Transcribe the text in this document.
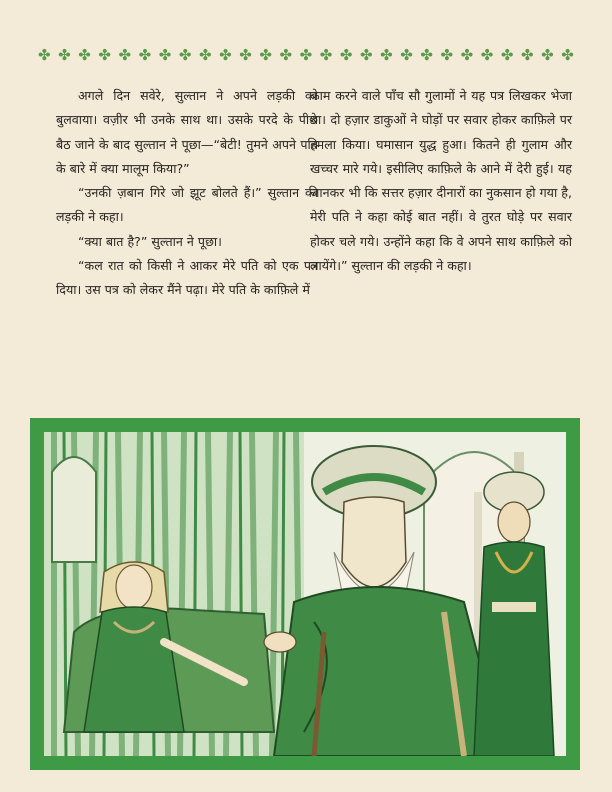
✤ ✤ ✤ ✤ ✤ ✤ ✤ ✤ ✤ ✤ ✤ ✤ ✤ ✤ ✤ ✤ ✤ ✤ ✤ ✤ ✤ ✤ ✤ ✤ ✤ ✤ ✤

अगले दिन सवेरे, सुल्तान ने अपने लड़की को बुलवाया। वज़ीर भी उनके साथ था। उसके परदे के पीछे बैठ जाने के बाद सुल्तान ने पूछा—“बेटी! तुमने अपने पति के बारे में क्या मालूम किया?”

“उनकी ज़बान गिरे जो झूट बोलते हैं।” सुल्तान की लड़की ने कहा।

“क्या बात है?” सुल्तान ने पूछा।

“कल रात को किसी ने आकर मेरे पति को एक पत्र दिया। उस पत्र को लेकर मैंने पढ़ा। मेरे पति के काफ़िले में

काम करने वाले पाँच सौ गुलामों ने यह पत्र लिखकर भेजा था। दो हज़ार डाकुओं ने घोड़ों पर सवार होकर काफ़िले पर हमला किया। घमासान युद्ध हुआ। कितने ही गुलाम और खच्चर मारे गये। इसीलिए काफ़िले के आने में देरी हुई। यह जानकर भी कि सत्तर हज़ार दीनारों का नुकसान हो गया है, मेरी पति ने कहा कोई बात नहीं। वे तुरत घोड़े पर सवार होकर चले गये। उन्होंने कहा कि वे अपने साथ काफ़िले को लायेंगे।” सुल्तान की लड़की ने कहा।
